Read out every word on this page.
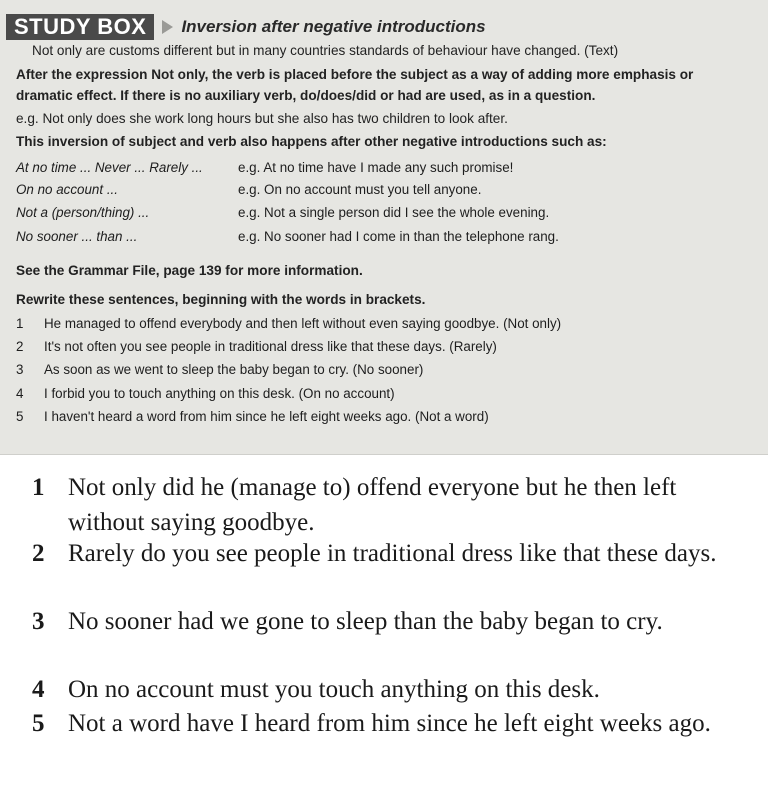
STUDY BOX	Inversion after negative introductions
Not only are customs different but in many countries standards of behaviour have changed. (Text)
After the expression Not only, the verb is placed before the subject as a way of adding more emphasis or
dramatic effect. If there is no auxiliary verb, do/does/did or had are used, as in a question.
e.g. Not only does she work long hours but she also has two children to look after.
This inversion of subject and verb also happens after other negative introductions such as:
At no time ... Never ... Rarely ...	e.g. At no time have I made any such promise!
On no account ...	e.g. On no account must you tell anyone.
Not a (person/thing) ...	e.g. Not a single person did I see the whole evening.
No sooner ... than ...	e.g. No sooner had I come in than the telephone rang.
See the Grammar File, page 139 for more information.
Rewrite these sentences, beginning with the words in brackets.
1 He managed to offend everybody and then left without even saying goodbye. (Not only)
2 It's not often you see people in traditional dress like that these days. (Rarely)
3 As soon as we went to sleep the baby began to cry. (No sooner)
4 I forbid you to touch anything on this desk. (On no account)
5 I haven't heard a word from him since he left eight weeks ago. (Not a word)
1 Not only did he (manage to) offend everyone but he then left without saying goodbye.
2 Rarely do you see people in traditional dress like that these days.
3 No sooner had we gone to sleep than the baby began to cry.
4 On no account must you touch anything on this desk.
5 Not a word have I heard from him since he left eight weeks ago.
